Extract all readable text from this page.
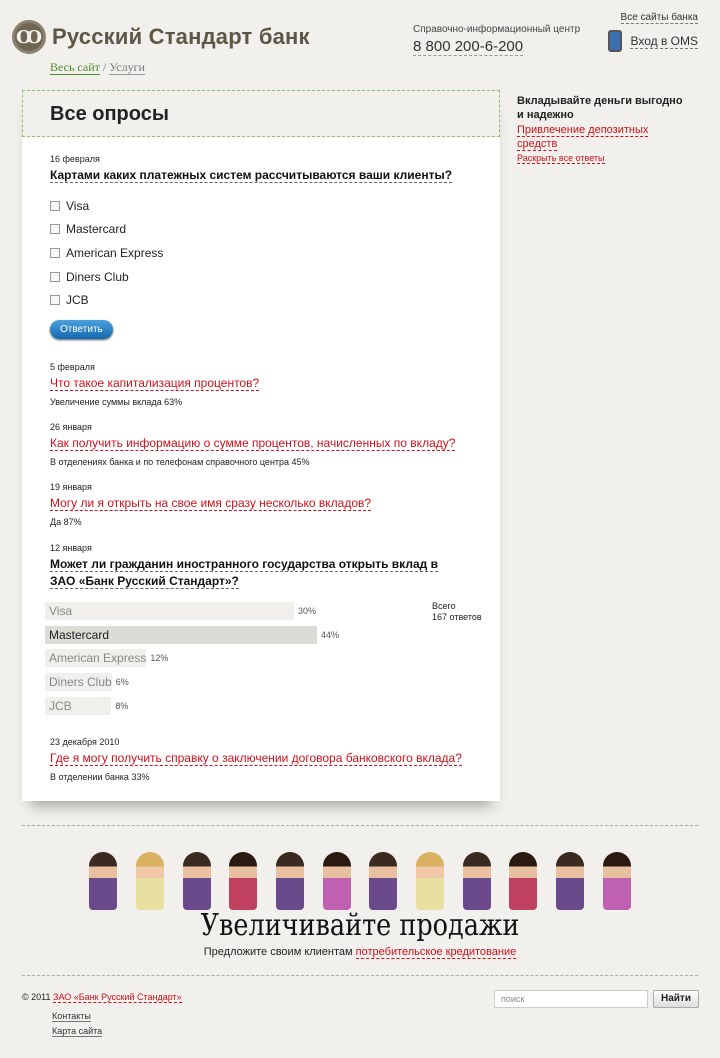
Ꝏ Русский Стандарт банк
Весь сайт / Услуги
Справочно-информационный центр
8 800 200-6-200
Все сайты банка
Вход в OMS
Все опросы
16 февраля
Картами каких платежных систем рассчитываются ваши клиенты?
Visa
Mastercard
American Express
Diners Club
JCB
Ответить
5 февраля
Что такое капитализация процентов?
Увеличение суммы вклада 63%
26 января
Как получить информацию о сумме процентов, начисленных по вкладу?
В отделениях банка и по телефонам справочного центра 45%
19 января
Могу ли я открыть на свое имя сразу несколько вкладов?
Да 87%
12 января
Может ли гражданин иностранного государства открыть вклад в ЗАО «Банк Русский Стандарт»?
Visa	30%
Mastercard	44%
American Express 12%
Diners Club 6%
JCB	8%
Всего
167 ответов
23 декабря 2010
Где я могу получить справку о заключении договора банковского вклада?
В отделении банка 33%
Вкладывайте деньги выгодно и надежно
Привлечение депозитных средств
Раскрыть все ответы
Увеличивайте продажи
Предложите своим клиентам потребительское кредитование
© 2011 ЗАО «Банк Русский Стандарт»
Контакты
Карта сайта
поиск	Найти
